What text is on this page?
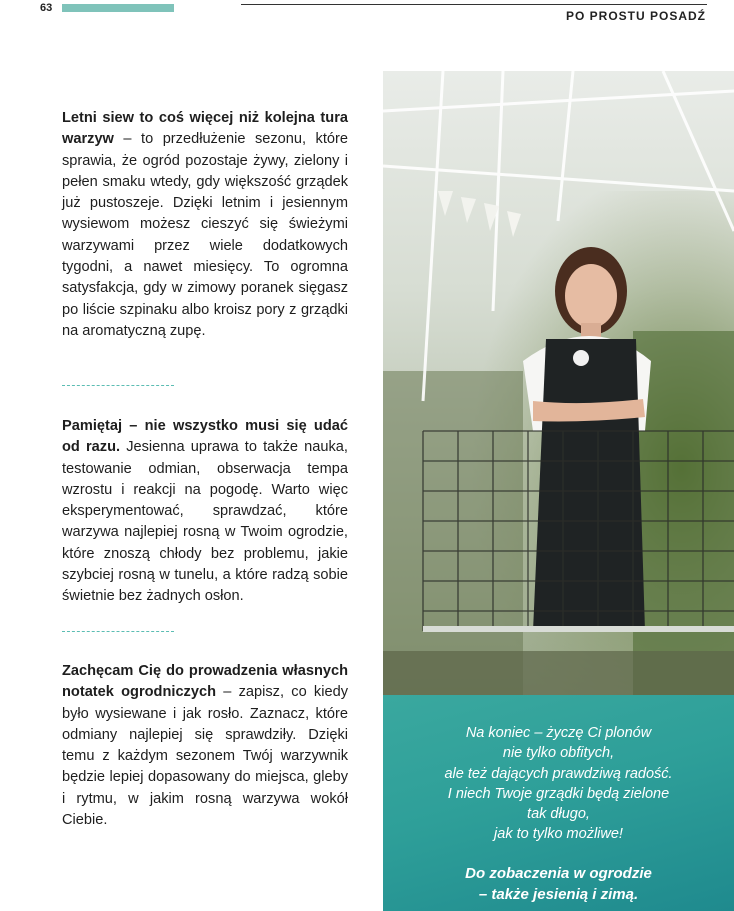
63
PO PROSTU POSADŹ
Letni siew to coś więcej niż kolejna tura warzyw – to przedłużenie sezonu, które sprawia, że ogród pozostaje żywy, zielony i pełen smaku wtedy, gdy większość grządek już pustoszeje. Dzięki letnim i jesiennym wysiewom możesz cieszyć się świeżymi warzywami przez wiele dodatkowych tygodni, a nawet miesięcy. To ogromna satysfakcja, gdy w zimowy poranek sięgasz po liście szpinaku albo kroisz pory z grządki na aromatyczną zupę.
Pamiętaj – nie wszystko musi się udać od razu. Jesienna uprawa to także nauka, testowanie odmian, obserwacja tempa wzrostu i reakcji na pogodę. Warto więc eksperymentować, sprawdzać, które warzywa najlepiej rosną w Twoim ogrodzie, które znoszą chłody bez problemu, jakie szybciej rosną w tunelu, a które radzą sobie świetnie bez żadnych osłon.
Zachęcam Cię do prowadzenia własnych notatek ogrodniczych – zapisz, co kiedy było wysiewane i jak rosło. Zaznacz, które odmiany najlepiej się sprawdziły. Dzięki temu z każdym sezonem Twój warzywnik będzie lepiej dopasowany do miejsca, gleby i rytmu, w jakim rosną warzywa wokół Ciebie.
Na koniec – życzę Ci plonów
nie tylko obfitych,
ale też dających prawdziwą radość.
I niech Twoje grządki będą zielone
tak długo,
jak to tylko możliwe!
Do zobaczenia w ogrodzie
– także jesienią i zimą.
